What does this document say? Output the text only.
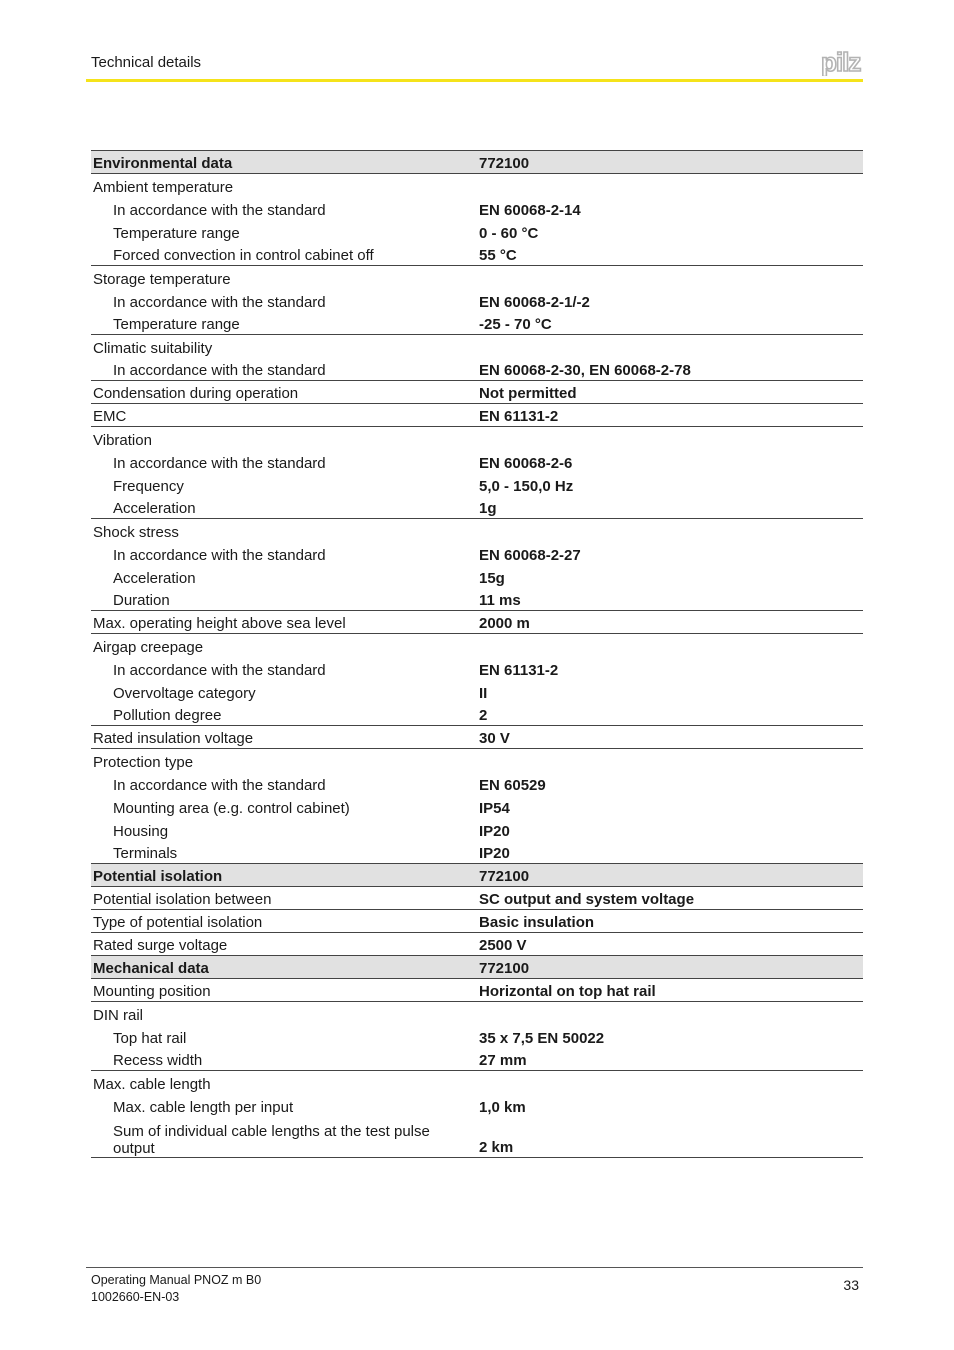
Technical details	pilz
Environmental data	772100
Ambient temperature	
In accordance with the standard	EN 60068-2-14
Temperature range	0 - 60 °C
Forced convection in control cabinet off	55 °C
Storage temperature	
In accordance with the standard	EN 60068-2-1/-2
Temperature range	-25 - 70 °C
Climatic suitability	
In accordance with the standard	EN 60068-2-30, EN 60068-2-78
Condensation during operation	Not permitted
EMC	EN 61131-2
Vibration	
In accordance with the standard	EN 60068-2-6
Frequency	5,0 - 150,0 Hz
Acceleration	1g
Shock stress	
In accordance with the standard	EN 60068-2-27
Acceleration	15g
Duration	11 ms
Max. operating height above sea level	2000 m
Airgap creepage	
In accordance with the standard	EN 61131-2
Overvoltage category	II
Pollution degree	2
Rated insulation voltage	30 V
Protection type	
In accordance with the standard	EN 60529
Mounting area (e.g. control cabinet)	IP54
Housing	IP20
Terminals	IP20
Potential isolation	772100
Potential isolation between	SC output and system voltage
Type of potential isolation	Basic insulation
Rated surge voltage	2500 V
Mechanical data	772100
Mounting position	Horizontal on top hat rail
DIN rail	
Top hat rail	35 x 7,5 EN 50022
Recess width	27 mm
Max. cable length	
Max. cable length per input	1,0 km
Sum of individual cable lengths at the test pulse output	2 km
Operating Manual PNOZ m B0
1002660-EN-03
33
